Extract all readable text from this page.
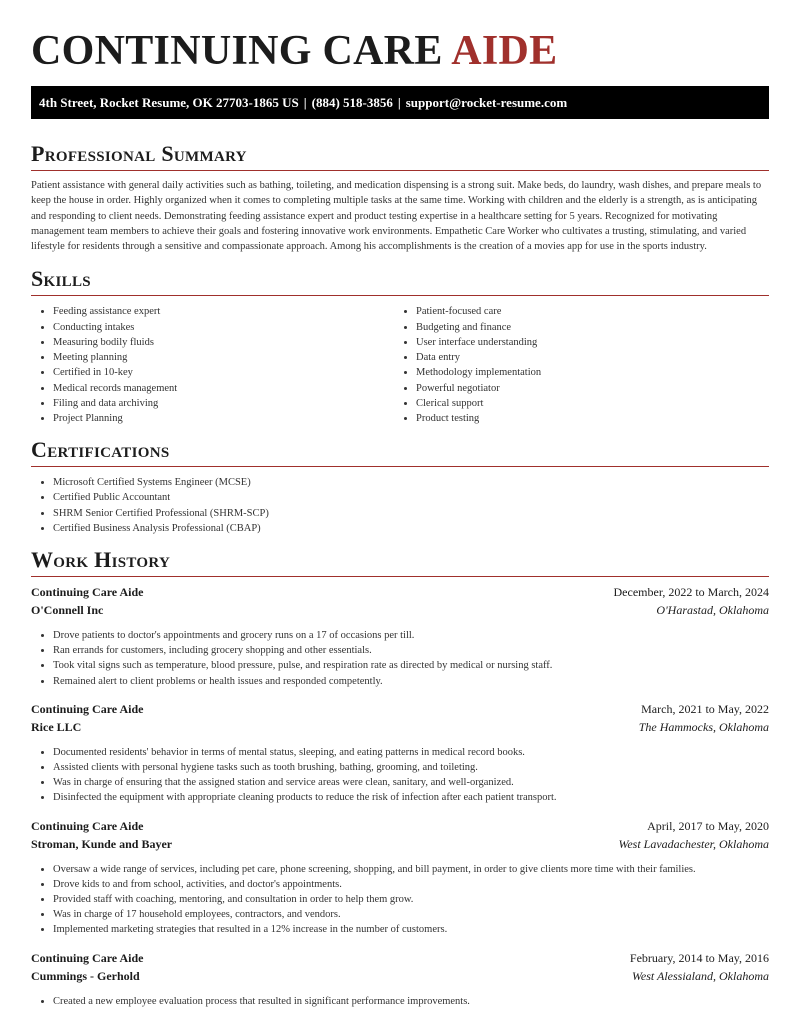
CONTINUING CARE AIDE
4th Street, Rocket Resume, OK 27703-1865 US | (884) 518-3856 | support@rocket-resume.com
Professional Summary

Patient assistance with general daily activities such as bathing, toileting, and medication dispensing is a strong suit. Make beds, do laundry, wash dishes, and prepare meals to keep the house in order. Highly organized when it comes to completing multiple tasks at the same time. Working with children and the elderly is a strength, as is anticipating and responding to client needs. Demonstrating feeding assistance expert and product testing expertise in a healthcare setting for 5 years. Recognized for motivating management team members to achieve their goals and fostering innovative work environments. Empathetic Care Worker who cultivates a trusting, stimulating, and varied lifestyle for residents through a sensitive and compassionate approach. Among his accomplishments is the creation of a movies app for use in the sports industry.

Skills
• Feeding assistance expert
• Conducting intakes
• Measuring bodily fluids
• Meeting planning
• Certified in 10-key
• Medical records management
• Filing and data archiving
• Project Planning
• Patient-focused care
• Budgeting and finance
• User interface understanding
• Data entry
• Methodology implementation
• Powerful negotiator
• Clerical support
• Product testing
Certifications
• Microsoft Certified Systems Engineer (MCSE)
• Certified Public Accountant
• SHRM Senior Certified Professional (SHRM-SCP)
• Certified Business Analysis Professional (CBAP)
Work History
Continuing Care Aide	December, 2022 to March, 2024
O'Connell Inc	O'Harastad, Oklahoma
• Drove patients to doctor's appointments and grocery runs on a 17 of occasions per till.
• Ran errands for customers, including grocery shopping and other essentials.
• Took vital signs such as temperature, blood pressure, pulse, and respiration rate as directed by medical or nursing staff.
• Remained alert to client problems or health issues and responded competently.
Continuing Care Aide	March, 2021 to May, 2022
Rice LLC	The Hammocks, Oklahoma
• Documented residents' behavior in terms of mental status, sleeping, and eating patterns in medical record books.
• Assisted clients with personal hygiene tasks such as tooth brushing, bathing, grooming, and toileting.
• Was in charge of ensuring that the assigned station and service areas were clean, sanitary, and well-organized.
• Disinfected the equipment with appropriate cleaning products to reduce the risk of infection after each patient transport.
Continuing Care Aide	April, 2017 to May, 2020
Stroman, Kunde and Bayer	West Lavadachester, Oklahoma
• Oversaw a wide range of services, including pet care, phone screening, shopping, and bill payment, in order to give clients more time with their families.
• Drove kids to and from school, activities, and doctor's appointments.
• Provided staff with coaching, mentoring, and consultation in order to help them grow.
• Was in charge of 17 household employees, contractors, and vendors.
• Implemented marketing strategies that resulted in a 12% increase in the number of customers.
Continuing Care Aide	February, 2014 to May, 2016
Cummings - Gerhold	West Alessialand, Oklahoma
• Created a new employee evaluation process that resulted in significant performance improvements.
